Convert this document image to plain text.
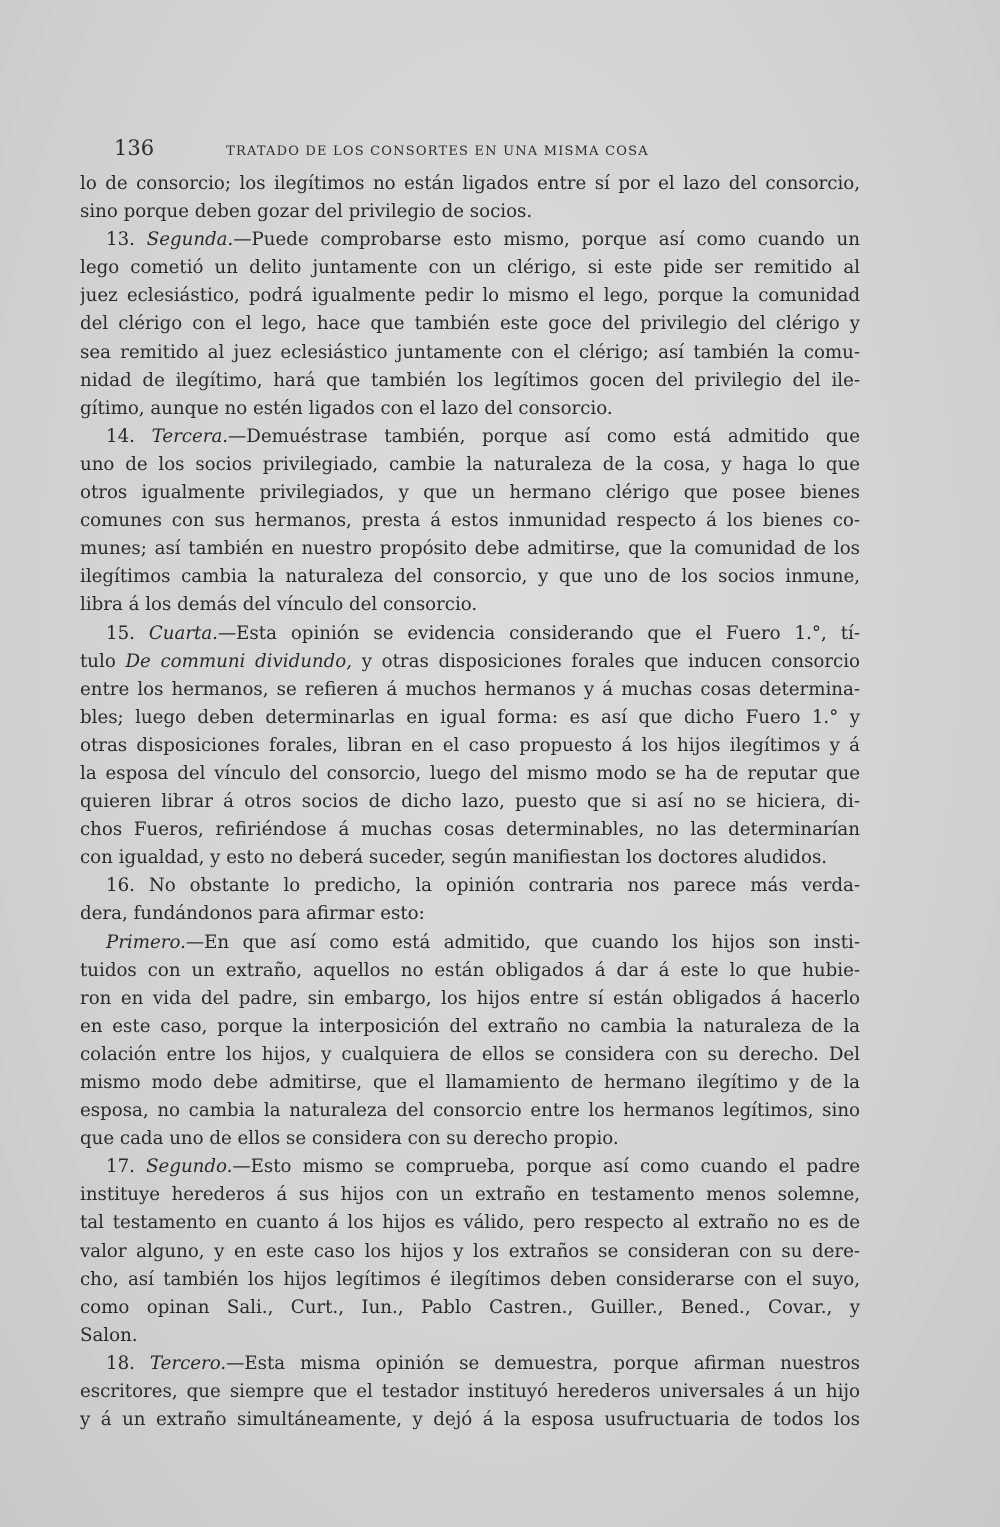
136	TRATADO DE LOS CONSORTES EN UNA MISMA COSA
lo de consorcio; los ilegítimos no están ligados entre sí por el lazo del consorcio,
sino porque deben gozar del privilegio de socios.
13. Segunda.—Puede comprobarse esto mismo, porque así como cuando un
lego cometió un delito juntamente con un clérigo, si este pide ser remitido al
juez eclesiástico, podrá igualmente pedir lo mismo el lego, porque la comunidad
del clérigo con el lego, hace que también este goce del privilegio del clérigo y
sea remitido al juez eclesiástico juntamente con el clérigo; así también la comu-
nidad de ilegítimo, hará que también los legítimos gocen del privilegio del ile-
gítimo, aunque no estén ligados con el lazo del consorcio.
14. Tercera.—Demuéstrase también, porque así como está admitido que
uno de los socios privilegiado, cambie la naturaleza de la cosa, y haga lo que
otros igualmente privilegiados, y que un hermano clérigo que posee bienes
comunes con sus hermanos, presta á estos inmunidad respecto á los bienes co-
munes; así también en nuestro propósito debe admitirse, que la comunidad de los
ilegítimos cambia la naturaleza del consorcio, y que uno de los socios inmune,
libra á los demás del vínculo del consorcio.
15. Cuarta.—Esta opinión se evidencia considerando que el Fuero 1.°, tí-
tulo De communi dividundo, y otras disposiciones forales que inducen consorcio
entre los hermanos, se refieren á muchos hermanos y á muchas cosas determina-
bles; luego deben determinarlas en igual forma: es así que dicho Fuero 1.° y
otras disposiciones forales, libran en el caso propuesto á los hijos ilegítimos y á
la esposa del vínculo del consorcio, luego del mismo modo se ha de reputar que
quieren librar á otros socios de dicho lazo, puesto que si así no se hiciera, di-
chos Fueros, refiriéndose á muchas cosas determinables, no las determinarían
con igualdad, y esto no deberá suceder, según manifiestan los doctores aludidos.
16. No obstante lo predicho, la opinión contraria nos parece más verda-
dera, fundándonos para afirmar esto:
Primero.—En que así como está admitido, que cuando los hijos son insti-
tuidos con un extraño, aquellos no están obligados á dar á este lo que hubie-
ron en vida del padre, sin embargo, los hijos entre sí están obligados á hacerlo
en este caso, porque la interposición del extraño no cambia la naturaleza de la
colación entre los hijos, y cualquiera de ellos se considera con su derecho. Del
mismo modo debe admitirse, que el llamamiento de hermano ilegítimo y de la
esposa, no cambia la naturaleza del consorcio entre los hermanos legítimos, sino
que cada uno de ellos se considera con su derecho propio.
17. Segundo.—Esto mismo se comprueba, porque así como cuando el padre
instituye herederos á sus hijos con un extraño en testamento menos solemne,
tal testamento en cuanto á los hijos es válido, pero respecto al extraño no es de
valor alguno, y en este caso los hijos y los extraños se consideran con su dere-
cho, así también los hijos legítimos é ilegítimos deben considerarse con el suyo,
como opinan Sali., Curt., Iun., Pablo Castren., Guiller., Bened., Covar., y
Salon.
18. Tercero.—Esta misma opinión se demuestra, porque afirman nuestros
escritores, que siempre que el testador instituyó herederos universales á un hijo
y á un extraño simultáneamente, y dejó á la esposa usufructuaria de todos los
